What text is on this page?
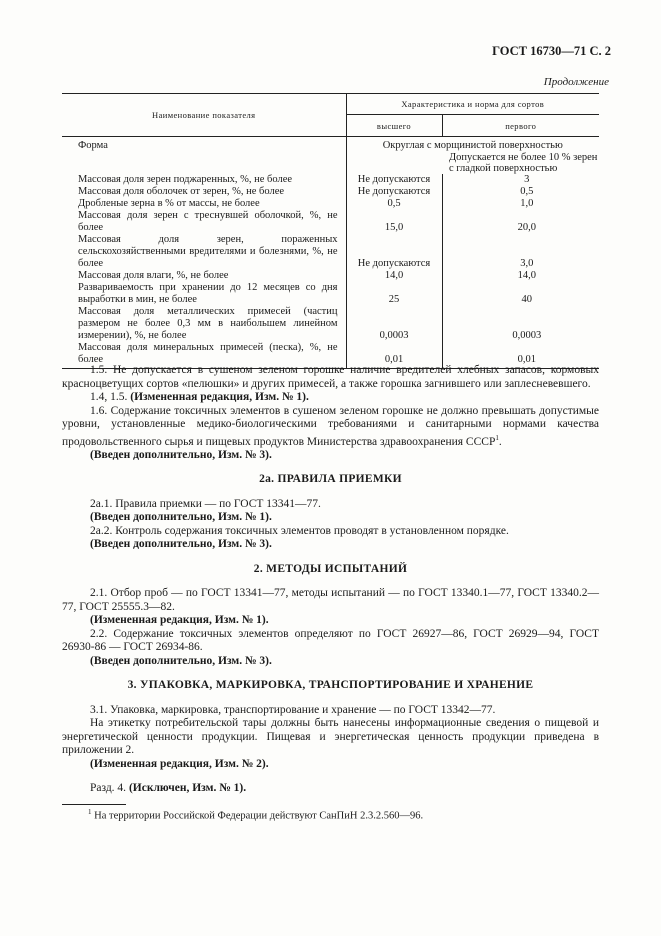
ГОСТ 16730—71 С. 2
Продолжение
Наименование показателя	Характеристика и норма для сортов	
	высшего	первого
Форма	Округлая с морщинистой поверхностью
Допускается не более 10 % зерен с гладкой поверхностью	

Массовая доля зерен поджаренных, %, не более	Не допускаются	3
Массовая доля оболочек от зерен, %, не более	Не допускаются	0,5
Дробленые зерна в % от массы, не более	0,5	1,0
Массовая доля зерен с треснувшей оболочкой, %, не более	15,0	20,0
Массовая доля зерен, пораженных сельскохозяйственными вредителями и болезнями, %, не более	Не допускаются	3,0
Массовая доля влаги, %, не более	14,0	14,0
Развариваемость при хранении до 12 месяцев со дня выработки в мин, не более	25	40
Массовая доля металлических примесей (частиц размером не более 0,3 мм в наибольшем линейном измерении), %, не более	0,0003	0,0003
Массовая доля минеральных примесей (песка), %, не более	0,01	0,01

1.5. Не допускается в сушеном зеленом горошке наличие вредителей хлебных запасов, кормовых красноцветущих сортов «пелюшки» и других примесей, а также горошка загнившего или заплесневевшего.

1.4, 1.5. (Измененная редакция, Изм. № 1).

1.6. Содержание токсичных элементов в сушеном зеленом горошке не должно превышать допустимые уровни, установленные медико-биологическими требованиями и санитарными нормами качества продовольственного сырья и пищевых продуктов Министерства здравоохранения СССР$^1$.

(Введен дополнительно, Изм. № 3).

2а. ПРАВИЛА ПРИЕМКИ

2а.1. Правила приемки — по ГОСТ 13341—77.

(Введен дополнительно, Изм. № 1).

2а.2. Контроль содержания токсичных элементов проводят в установленном порядке.

(Введен дополнительно, Изм. № 3).

2. МЕТОДЫ ИСПЫТАНИЙ

2.1. Отбор проб — по ГОСТ 13341—77, методы испытаний — по ГОСТ 13340.1—77, ГОСТ 13340.2—77, ГОСТ 25555.3—82.

(Измененная редакция, Изм. № 1).

2.2. Содержание токсичных элементов определяют по ГОСТ 26927—86, ГОСТ 26929—94, ГОСТ 26930-86 — ГОСТ 26934-86.

(Введен дополнительно, Изм. № 3).

3. УПАКОВКА, МАРКИРОВКА, ТРАНСПОРТИРОВАНИЕ И ХРАНЕНИЕ

3.1. Упаковка, маркировка, транспортирование и хранение — по ГОСТ 13342—77.

На этикетку потребительской тары должны быть нанесены информационные сведения о пищевой и энергетической ценности продукции. Пищевая и энергетическая ценность продукции приведена в приложении 2.

(Измененная редакция, Изм. № 2).

Разд. 4. (Исключен, Изм. № 1).

$^1$ На территории Российской Федерации действуют СанПиН 2.3.2.560—96.
